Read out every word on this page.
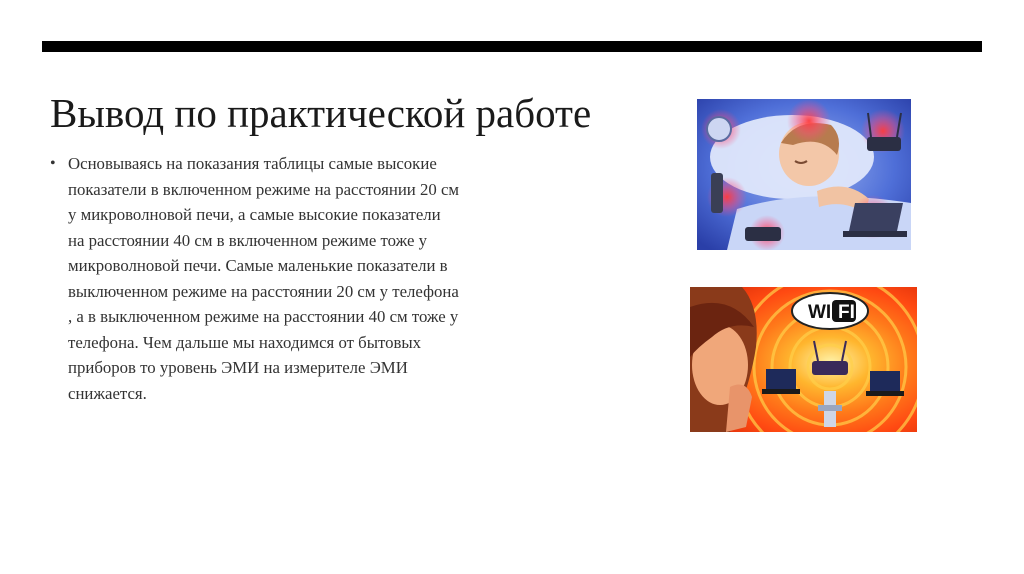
Вывод по практической работе
• Основываясь на показания таблицы самые высокие показатели в включенном режиме на расстоянии 20 см у микроволновой печи, а самые высокие показатели на расстоянии 40 см в включенном режиме тоже у микроволновой печи. Самые маленькие показатели в выключенном режиме на расстоянии 20 см у телефона , а в выключенном режиме на расстоянии 40 см тоже у телефона. Чем дальше мы находимся от бытовых приборов то уровень ЭМИ на измерителе ЭМИ снижается.

WI FI
